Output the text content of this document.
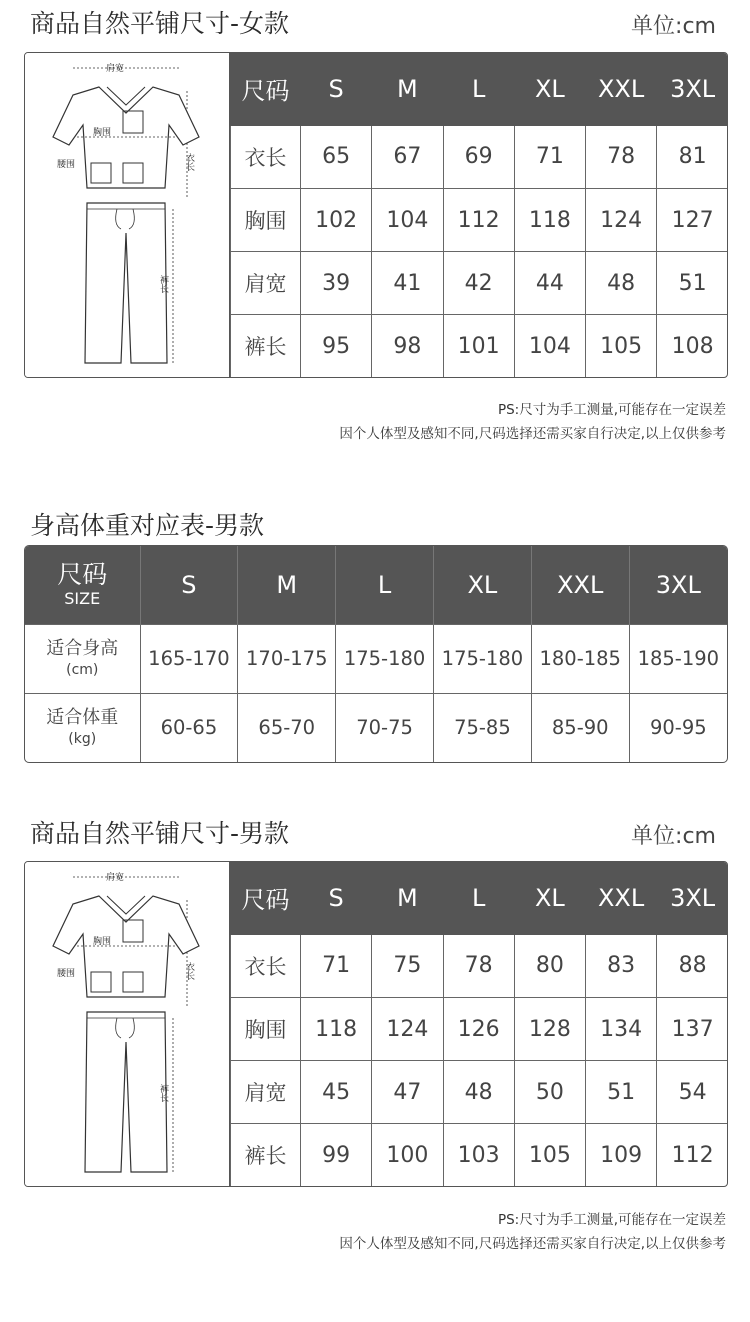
商品自然平铺尺寸-女款	单位:cm
肩宽
衣长
胸围
腰围
裤长
尺码	S	M	L	XL	XXL	3XL
衣长	65	67	69	71	78	81
胸围	102	104	112	118	124	127
肩宽	39	41	42	44	48	51
裤长	95	98	101	104	105	108
PS:尺寸为手工测量,可能存在一定误差
因个人体型及感知不同,尺码选择还需买家自行决定,以上仅供参考
身高体重对应表-男款
尺码
SIZE	S	M	L	XL	XXL	3XL

适合身高
(cm)	165-170	170-175	175-180	175-180	180-185	185-190

适合体重
(kg)	60-65	65-70	70-75	75-85	85-90	90-95
商品自然平铺尺寸-男款	单位:cm
肩宽
衣长
胸围
腰围
裤长
尺码	S	M	L	XL	XXL	3XL
衣长	71	75	78	80	83	88
胸围	118	124	126	128	134	137
肩宽	45	47	48	50	51	54
裤长	99	100	103	105	109	112
PS:尺寸为手工测量,可能存在一定误差
因个人体型及感知不同,尺码选择还需买家自行决定,以上仅供参考
